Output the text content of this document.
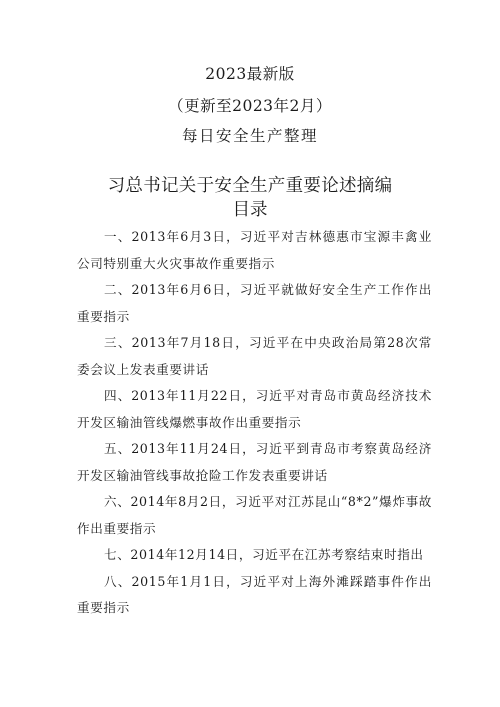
2023最新版
（更新至2023年2月）
每日安全生产整理
习总书记关于安全生产重要论述摘编
目录

一、2013年6月3日，习近平对吉林德惠市宝源丰禽业公司特别重大火灾事故作重要指示

二、2013年6月6日，习近平就做好安全生产工作作出重要指示

三、2013年7月18日，习近平在中央政治局第28次常委会议上发表重要讲话

四、2013年11月22日，习近平对青岛市黄岛经济技术开发区输油管线爆燃事故作出重要指示

五、2013年11月24日，习近平到青岛市考察黄岛经济开发区输油管线事故抢险工作发表重要讲话

六、2014年8月2日，习近平对江苏昆山“8*2”爆炸事故作出重要指示

七、2014年12月14日，习近平在江苏考察结束时指出

八、2015年1月1日，习近平对上海外滩踩踏事件作出重要指示
